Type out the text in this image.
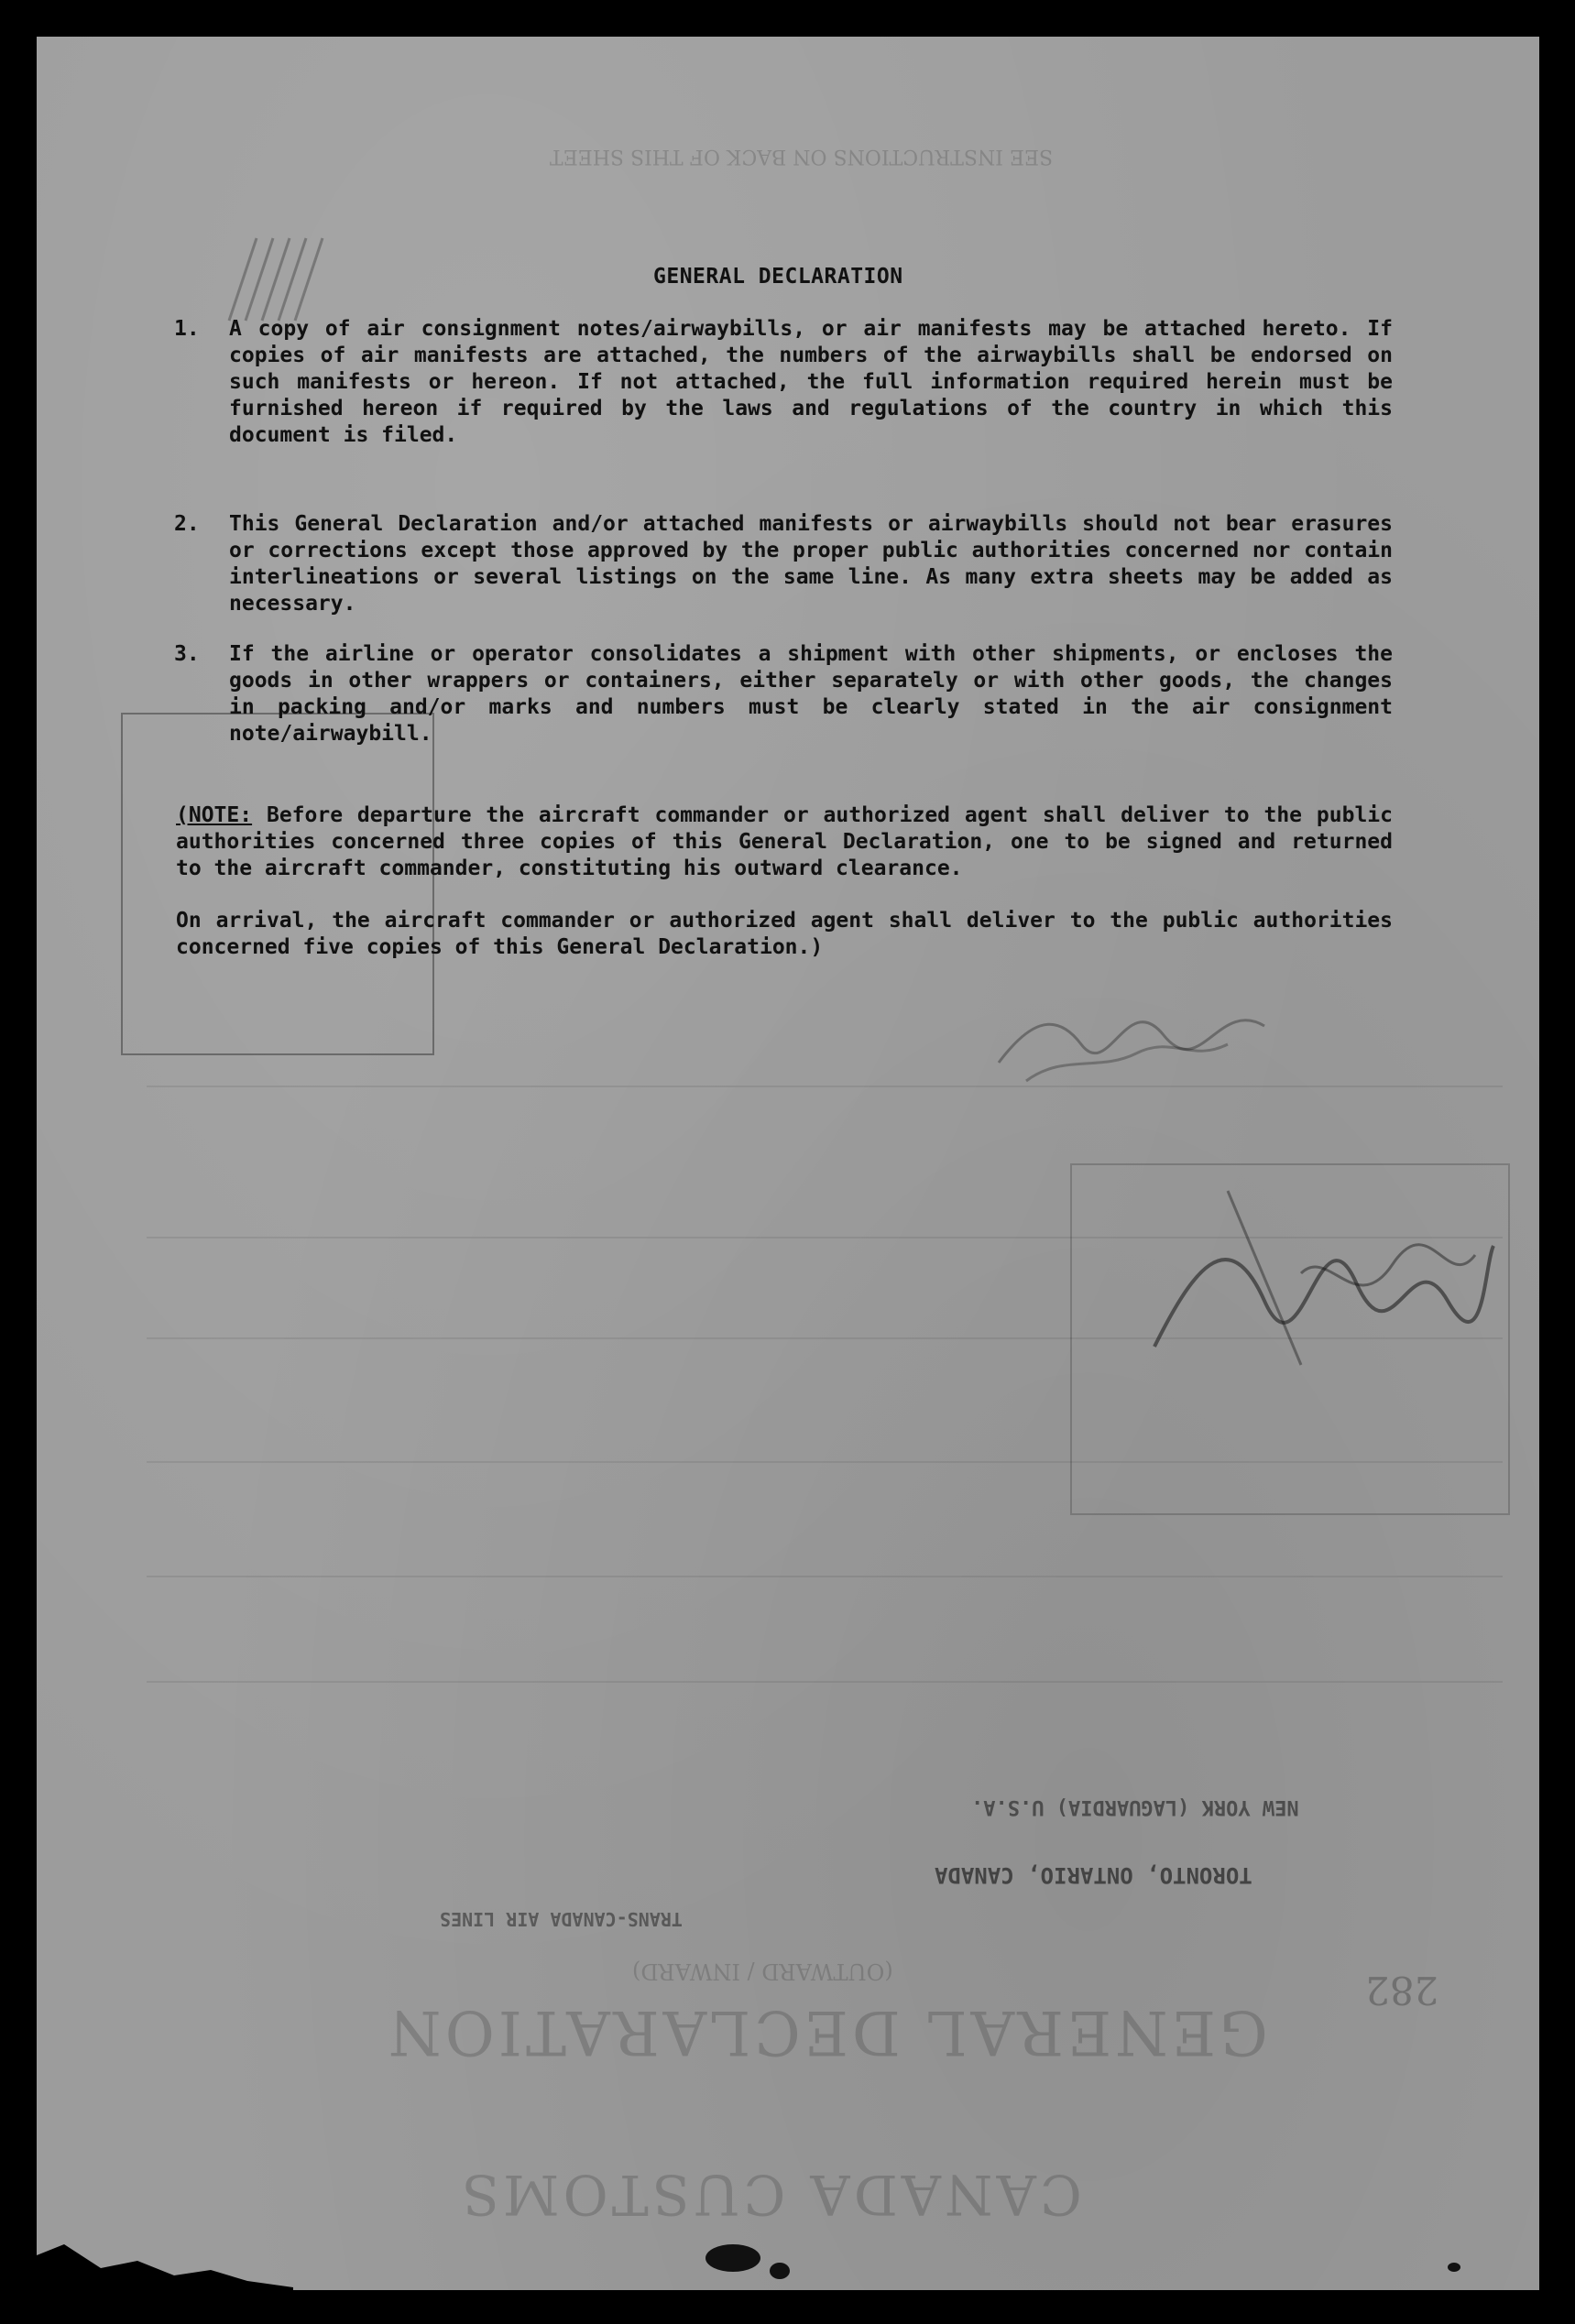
SEE INSTRUCTIONS ON BACK OF THIS SHEET
NEW YORK (LAGUARDIA) U.S.A.
TORONTO, ONTARIO, CANADA
TRANS-CANADA AIR LINES
(OUTWARD / INWARD)
GENERAL DECLARATION
CANADA CUSTOMS
282
GENERAL DECLARATION
1.	A copy of air consignment notes/airwaybills, or air manifests may be attached hereto. If copies of air manifests are attached, the numbers of the airwaybills shall be endorsed on such manifests or hereon. If not attached, the full information required herein must be furnished hereon if required by the laws and regulations of the country in which this document is filed.

2.	This General Declaration and/or attached manifests or airwaybills should not bear erasures or corrections except those approved by the proper public authorities concerned nor contain interlineations or several listings on the same line. As many extra sheets may be added as necessary.

3.	If the airline or operator consolidates a shipment with other shipments, or encloses the goods in other wrappers or containers, either separately or with other goods, the changes in packing and/or marks and numbers must be clearly stated in the air consignment note/airwaybill.

(NOTE: Before departure the aircraft commander or authorized agent shall deliver to the public authorities concerned three copies of this General Declaration, one to be signed and returned to the aircraft commander, constituting his outward clearance.

On arrival, the aircraft commander or authorized agent shall deliver to the public authorities concerned five copies of this General Declaration.)
